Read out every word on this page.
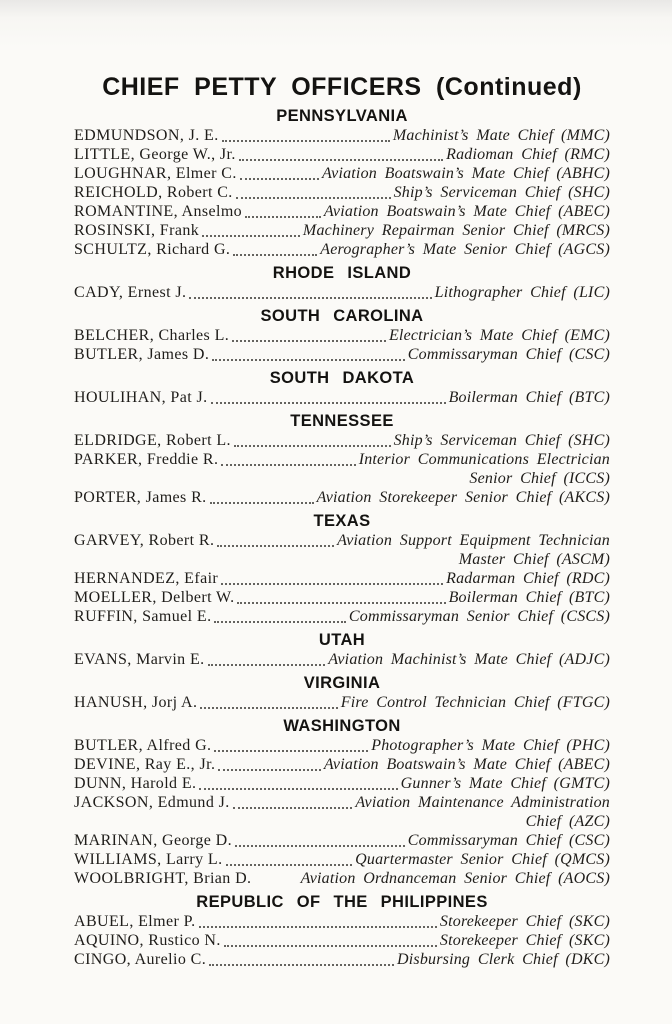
CHIEF PETTY OFFICERS (Continued)
PENNSYLVANIA
EDMUNDSON, J. E.	Machinist’s Mate Chief (MMC)
LITTLE, George W., Jr.	Radioman Chief (RMC)
LOUGHNAR, Elmer C.	Aviation Boatswain’s Mate Chief (ABHC)
REICHOLD, Robert C.	Ship’s Serviceman Chief (SHC)
ROMANTINE, Anselmo	Aviation Boatswain’s Mate Chief (ABEC)
ROSINSKI, Frank	Machinery Repairman Senior Chief (MRCS)
SCHULTZ, Richard G.	Aerographer’s Mate Senior Chief (AGCS)
RHODE ISLAND
CADY, Ernest J.	Lithographer Chief (LIC)
SOUTH CAROLINA
BELCHER, Charles L.	Electrician’s Mate Chief (EMC)
BUTLER, James D.	Commissaryman Chief (CSC)
SOUTH DAKOTA
HOULIHAN, Pat J.	Boilerman Chief (BTC)
TENNESSEE
ELDRIDGE, Robert L.	Ship’s Serviceman Chief (SHC)
PARKER, Freddie R.	Interior Communications Electrician
Senior Chief (ICCS)
PORTER, James R.	Aviation Storekeeper Senior Chief (AKCS)
TEXAS
GARVEY, Robert R.	Aviation Support Equipment Technician
Master Chief (ASCM)
HERNANDEZ, Efair	Radarman Chief (RDC)
MOELLER, Delbert W.	Boilerman Chief (BTC)
RUFFIN, Samuel E.	Commissaryman Senior Chief (CSCS)
UTAH
EVANS, Marvin E.	Aviation Machinist’s Mate Chief (ADJC)
VIRGINIA
HANUSH, Jorj A.	Fire Control Technician Chief (FTGC)
WASHINGTON
BUTLER, Alfred G.	Photographer’s Mate Chief (PHC)
DEVINE, Ray E., Jr.	Aviation Boatswain’s Mate Chief (ABEC)
DUNN, Harold E.	Gunner’s Mate Chief (GMTC)
JACKSON, Edmund J.	Aviation Maintenance Administration
Chief (AZC)
MARINAN, George D.	Commissaryman Chief (CSC)
WILLIAMS, Larry L.	Quartermaster Senior Chief (QMCS)
WOOLBRIGHT, Brian D.	Aviation Ordnanceman Senior Chief (AOCS)
REPUBLIC OF THE PHILIPPINES
ABUEL, Elmer P.	Storekeeper Chief (SKC)
AQUINO, Rustico N.	Storekeeper Chief (SKC)
CINGO, Aurelio C.	Disbursing Clerk Chief (DKC)
